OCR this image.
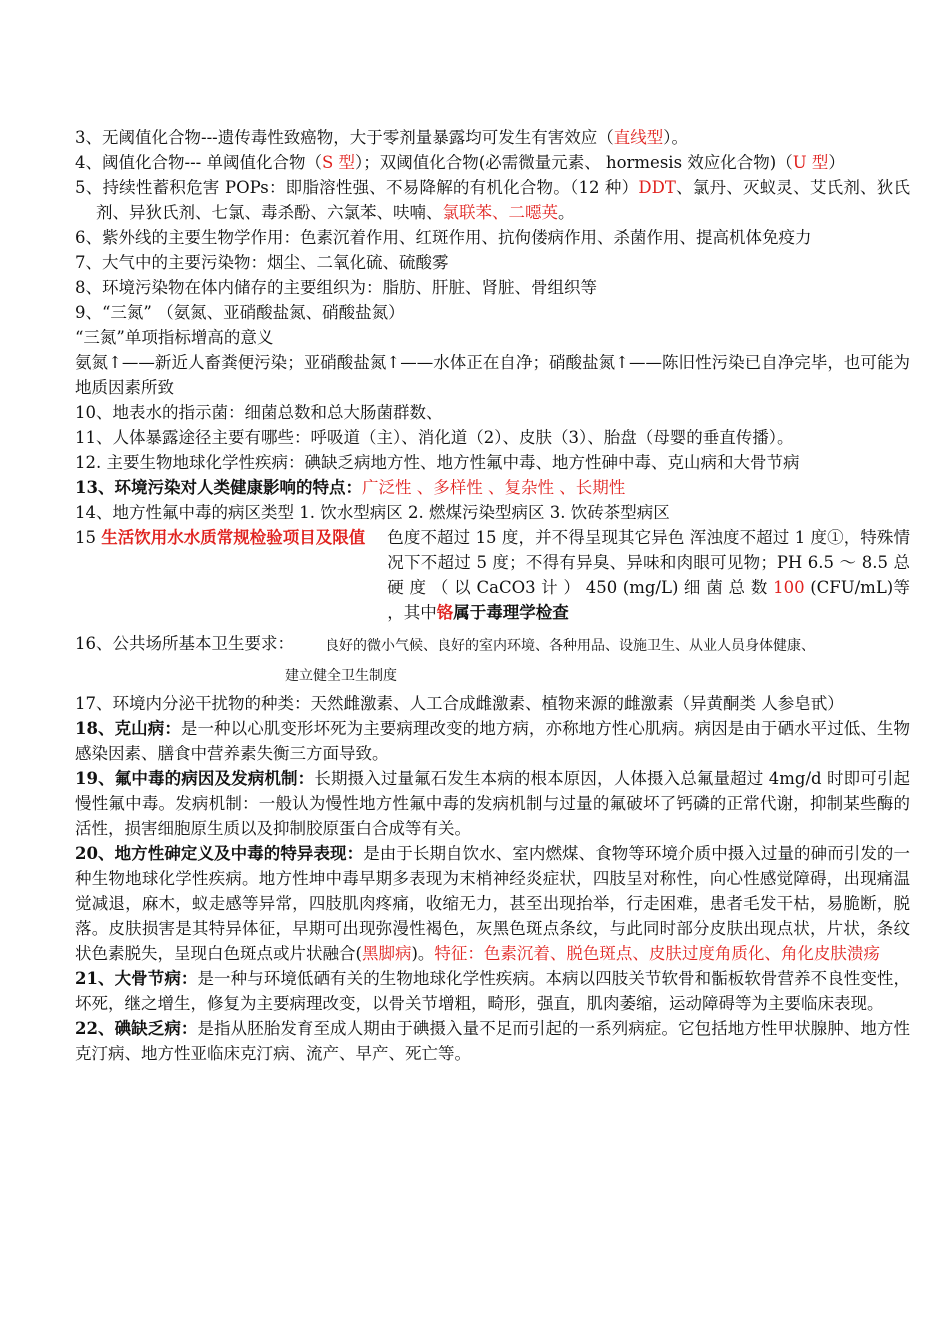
3、无阈值化合物---遗传毒性致癌物，大于零剂量暴露均可发生有害效应（直线型）。

4、阈值化合物--- 单阈值化合物（S 型）；双阈值化合物(必需微量元素、 hormesis 效应化合物)（U 型）

5、持续性蓄积危害 POPs：即脂溶性强、不易降解的有机化合物。（12 种）DDT、氯丹、灭蚁灵、艾氏剂、狄氏剂、异狄氏剂、七氯、毒杀酚、六氯苯、呋喃、氯联苯、二噁英。

6、紫外线的主要生物学作用：色素沉着作用、红斑作用、抗佝偻病作用、杀菌作用、提高机体免疫力

7、大气中的主要污染物：烟尘、二氧化硫、硫酸雾

8、环境污染物在体内储存的主要组织为：脂肪、肝脏、肾脏、骨组织等

9、“三氮” （氨氮、亚硝酸盐氮、硝酸盐氮）

“三氮”单项指标增高的意义

氨氮↑——新近人畜粪便污染；亚硝酸盐氮↑——水体正在自净；硝酸盐氮↑——陈旧性污染已自净完毕，也可能为地质因素所致

10、地表水的指示菌：细菌总数和总大肠菌群数、

11、人体暴露途径主要有哪些：呼吸道（主）、消化道（2）、皮肤（3）、胎盘（母婴的垂直传播）。

12. 主要生物地球化学性疾病：碘缺乏病地方性、地方性氟中毒、地方性砷中毒、克山病和大骨节病

13、环境污染对人类健康影响的特点：广泛性 、多样性 、复杂性 、长期性

14、地方性氟中毒的病区类型 1. 饮水型病区 2. 燃煤污染型病区 3. 饮砖茶型病区

15 生活饮用水水质常规检验项目及限值	色度不超过 15 度，并不得呈现其它异色 浑浊度不超过 1 度①，特殊情况下不超过 5 度；不得有异臭、异味和肉眼可见物；PH 6.5 ～ 8.5 总 硬 度 （ 以 CaCO3 计 ） 450 (mg/L) 细 菌 总 数 100 (CFU/mL)等 ，其中铬属于毒理学检查
16、公共场所基本卫生要求：	良好的微小气候、良好的室内环境、各种用品、设施卫生、从业人员身体健康、

建立健全卫生制度

17、环境内分泌干扰物的种类： 天然雌激素、人工合成雌激素、植物来源的雌激素（异黄酮类 人参皂甙）

18、克山病：是一种以心肌变形坏死为主要病理改变的地方病，亦称地方性心肌病。病因是由于硒水平过低、生物感染因素、膳食中营养素失衡三方面导致。

19、氟中毒的病因及发病机制：长期摄入过量氟石发生本病的根本原因，人体摄入总氟量超过 4mg/d 时即可引起慢性氟中毒。发病机制：一般认为慢性地方性氟中毒的发病机制与过量的氟破坏了钙磷的正常代谢，抑制某些酶的活性，损害细胞原生质以及抑制胶原蛋白合成等有关。

20、地方性砷定义及中毒的特异表现：是由于长期自饮水、室内燃煤、食物等环境介质中摄入过量的砷而引发的一种生物地球化学性疾病。地方性坤中毒早期多表现为末梢神经炎症状，四肢呈对称性，向心性感觉障碍，出现痛温觉减退，麻木，蚁走感等异常，四肢肌肉疼痛，收缩无力，甚至出现抬举，行走困难，患者毛发干枯，易脆断，脱落。皮肤损害是其特异体征，早期可出现弥漫性褐色，灰黑色斑点条纹，与此同时部分皮肤出现点状，片状，条纹状色素脱失，呈现白色斑点或片状融合(黑脚病)。特征：色素沉着、脱色斑点、皮肤过度角质化、角化皮肤溃疡

21、大骨节病：是一种与环境低硒有关的生物地球化学性疾病。本病以四肢关节软骨和骺板软骨营养不良性变性，坏死，继之增生，修复为主要病理改变，以骨关节增粗，畸形，强直，肌肉萎缩，运动障碍等为主要临床表现。

22、碘缺乏病：是指从胚胎发育至成人期由于碘摄入量不足而引起的一系列病症。它包括地方性甲状腺肿、地方性克汀病、地方性亚临床克汀病、流产、早产、死亡等。
